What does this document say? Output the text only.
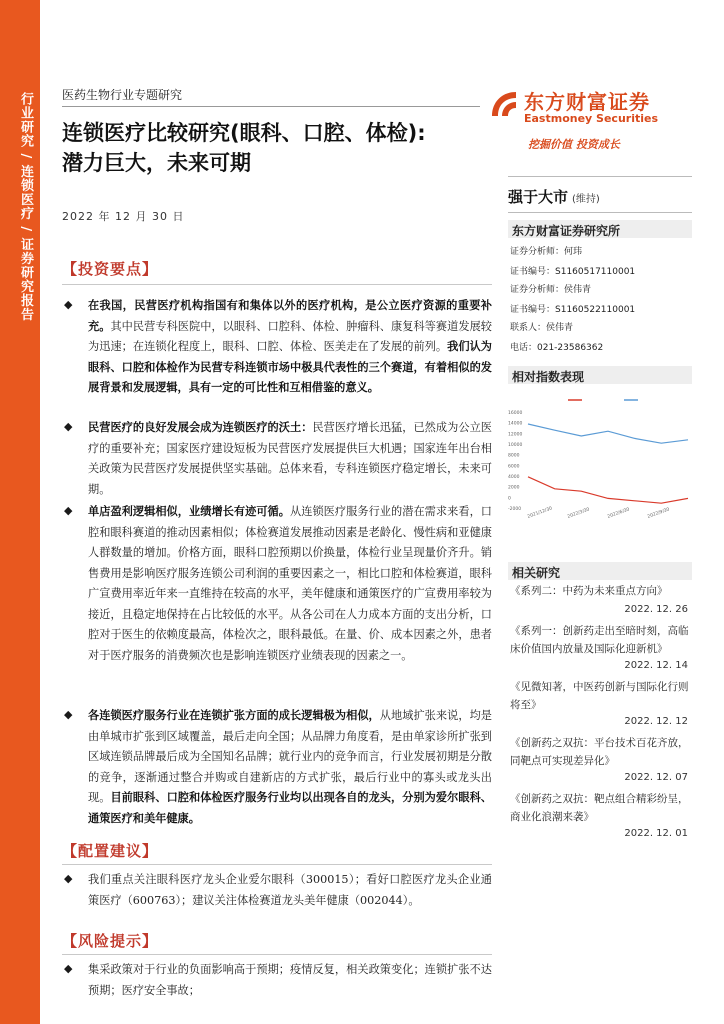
行业研究 / 连锁医疗 / 证券研究报告 医药生物行业专题研究
连锁医疗比较研究(眼科、口腔、体检):
潜力巨大，未来可期
2022 年 12 月 30 日
【投资要点】
◆ 在我国，民营医疗机构指国有和集体以外的医疗机构，是公立医疗资源的重要补充。其中民营专科医院中，以眼科、口腔科、体检、肿瘤科、康复科等赛道发展较为迅速；在连锁化程度上，眼科、口腔、体检、医美走在了发展的前列。我们认为眼科、口腔和体检作为民营专科连锁市场中极具代表性的三个赛道，有着相似的发展背景和发展逻辑，具有一定的可比性和互相借鉴的意义。
◆ 民营医疗的良好发展会成为连锁医疗的沃土：民营医疗增长迅猛，已然成为公立医疗的重要补充；国家医疗建设短板为民营医疗发展提供巨大机遇；国家连年出台相关政策为民营医疗发展提供坚实基础。总体来看，专科连锁医疗稳定增长，未来可期。
◆ 单店盈利逻辑相似，业绩增长有迹可循。从连锁医疗服务行业的潜在需求来看，口腔和眼科赛道的推动因素相似；体检赛道发展推动因素是老龄化、慢性病和亚健康人群数量的增加。价格方面，眼科口腔预期以价换量，体检行业呈现量价齐升。销售费用是影响医疗服务连锁公司利润的重要因素之一，相比口腔和体检赛道，眼科广宣费用率近年来一直维持在较高的水平，美年健康和通策医疗的广宣费用率较为接近，且稳定地保持在占比较低的水平。从各公司在人力成本方面的支出分析，口腔对于医生的依赖度最高，体检次之，眼科最低。在量、价、成本因素之外，患者对于医疗服务的消费频次也是影响连锁医疗业绩表现的因素之一。
◆ 各连锁医疗服务行业在连锁扩张方面的成长逻辑极为相似，从地域扩张来说，均是由单城市扩张到区域覆盖，最后走向全国；从品牌力角度看，是由单家诊所扩张到区域连锁品牌最后成为全国知名品牌；就行业内的竞争而言，行业发展初期是分散的竞争，逐渐通过整合并购或自建新店的方式扩张，最后行业中的寡头或龙头出现。目前眼科、口腔和体检医疗服务行业均以出现各自的龙头，分别为爱尔眼科、通策医疗和美年健康。
【配置建议】
◆ 我们重点关注眼科医疗龙头企业爱尔眼科（300015）；看好口腔医疗龙头企业通策医疗（600763）；建议关注体检赛道龙头美年健康（002044）。
【风险提示】
◆ 集采政策对于行业的负面影响高于预期；疫情反复，相关政策变化；连锁扩张不达预期；医疗安全事故；
东方财富证券
Eastmoney Securities
挖掘价值 投资成长
强于大市 (维持)
东方财富证券研究所
证券分析师：何玮
证书编号：S1160517110001
证券分析师：侯伟青
证书编号：S1160522110001
联系人：侯伟青
电话：021-23586362
相对指数表现
16000
14000
12000
10000
8000
6000
4000
2000
0
-2000 2021/12/30	2022/3/30	2022/6/30	2022/9/30
相关研究
《系列二：中药为未来重点方向》
2022. 12. 26
《系列一：创新药走出至暗时刻，高临床价值国内放量及国际化迎新机》
2022. 12. 14
《见微知著，中医药创新与国际化行则将至》
2022. 12. 12
《创新药之双抗：平台技术百花齐放，同靶点可实现差异化》
2022. 12. 07
《创新药之双抗：靶点组合精彩纷呈，商业化浪潮来袭》
2022. 12. 01
